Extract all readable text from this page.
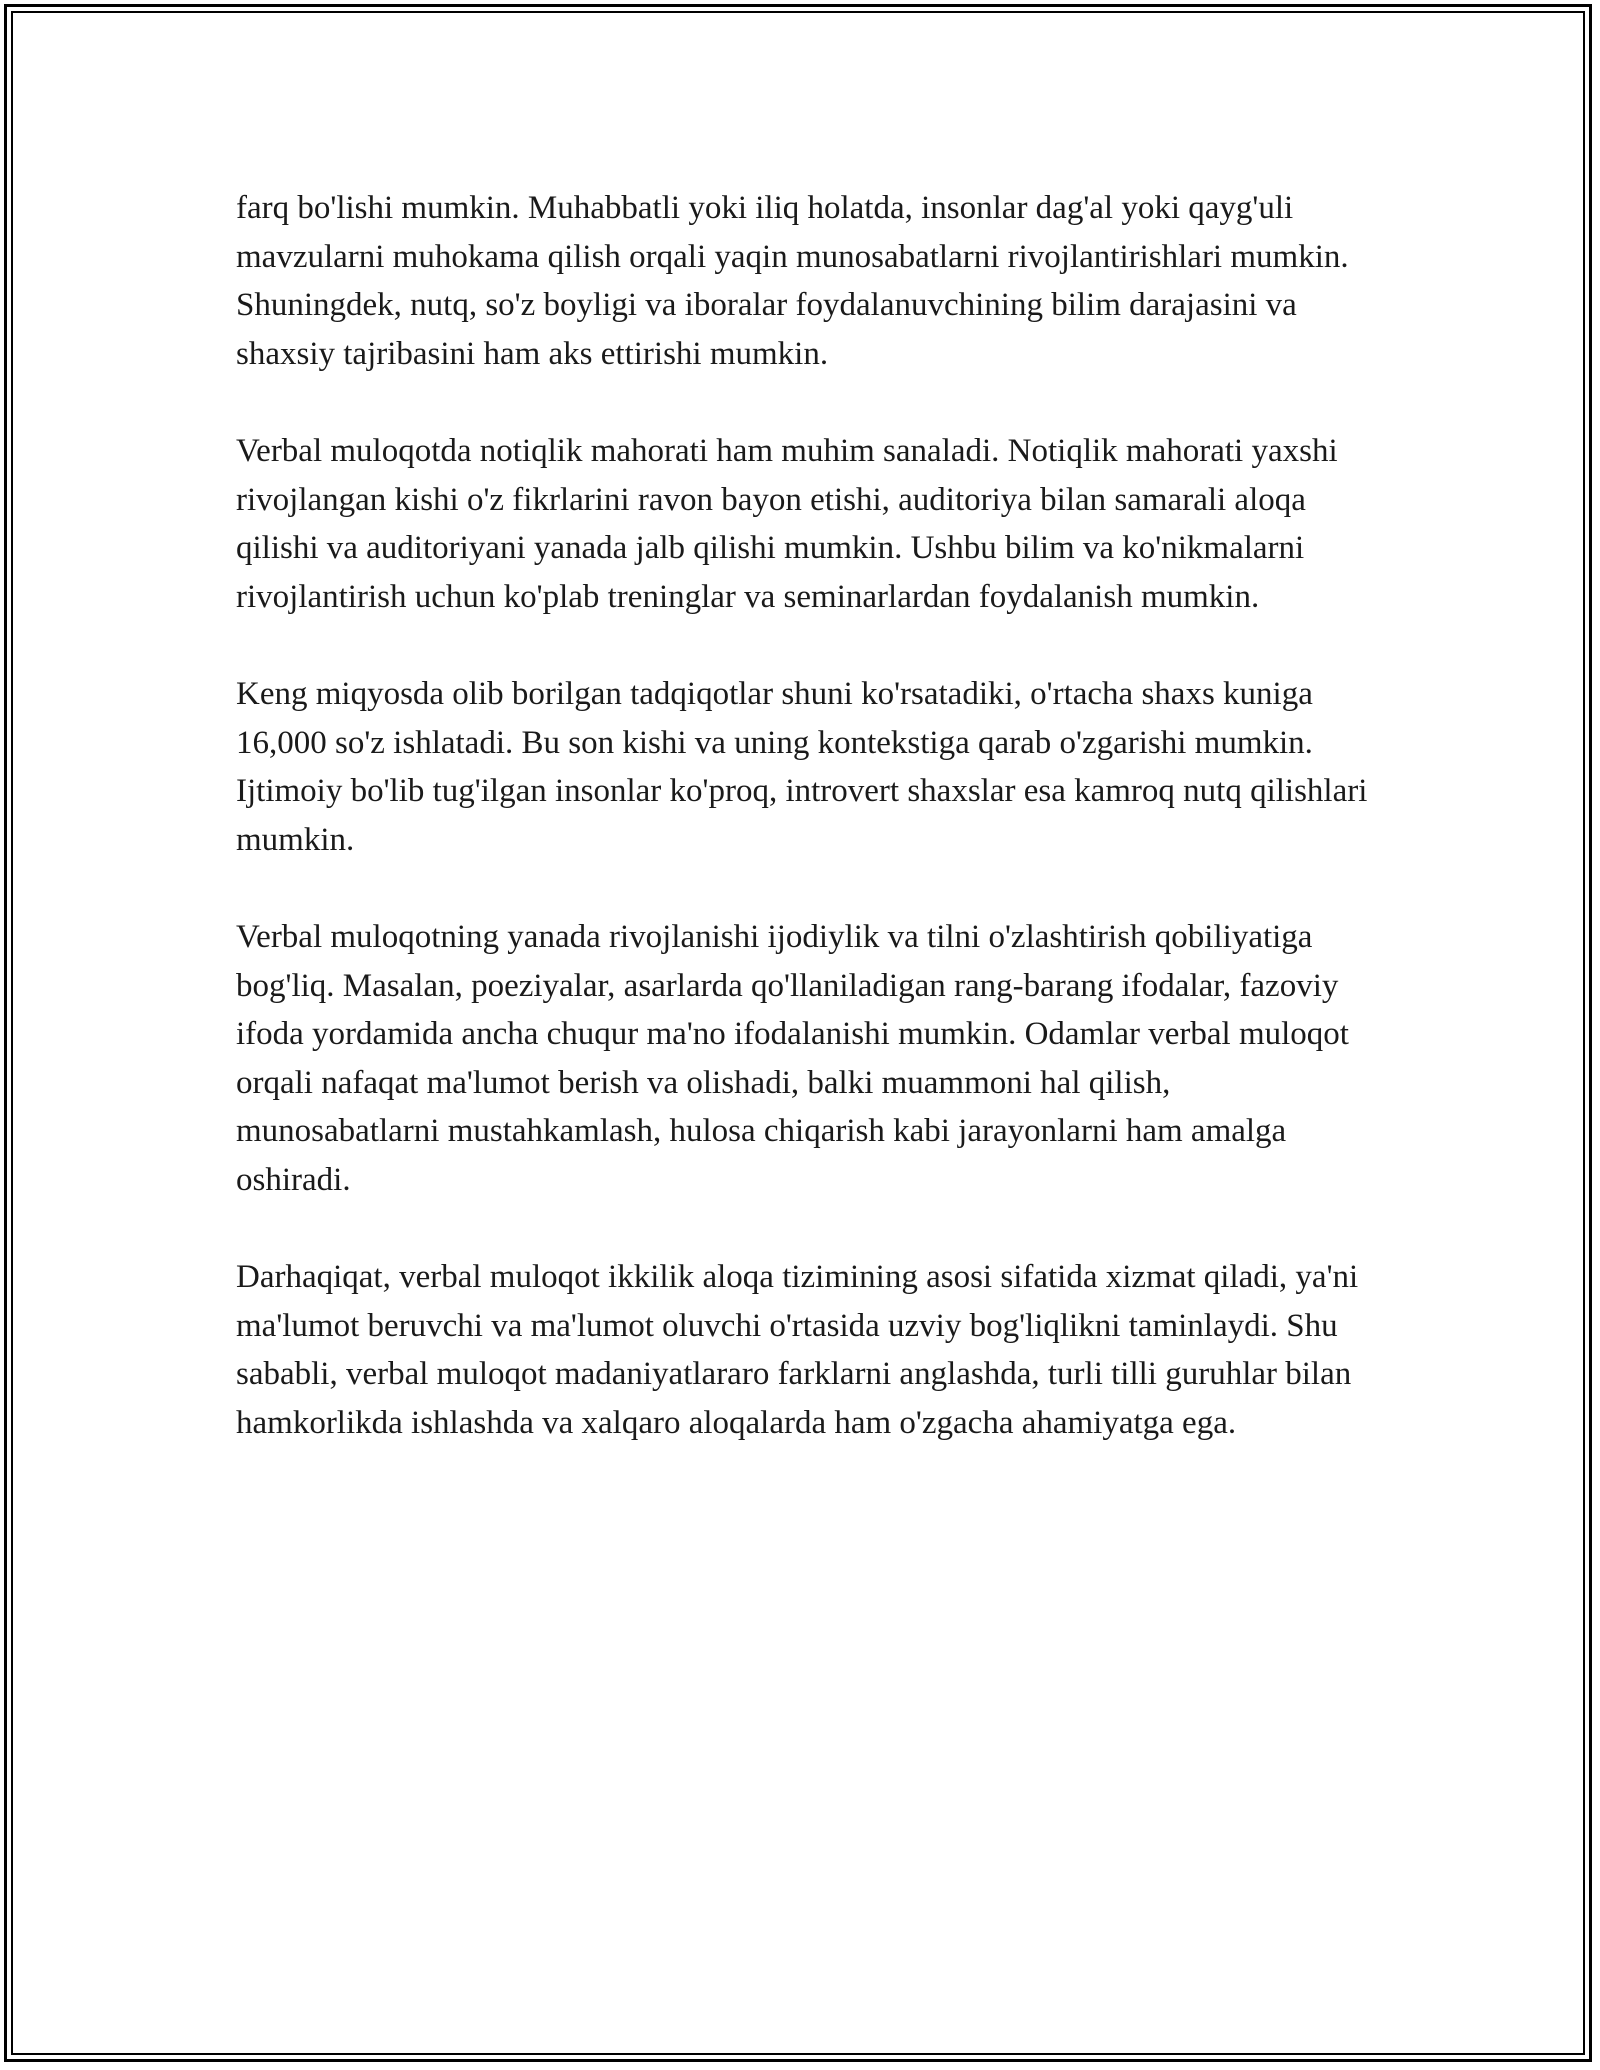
farq bo'lishi mumkin. Muhabbatli yoki iliq holatda, insonlar dag'al yoki qayg'uli mavzularni muhokama qilish orqali yaqin munosabatlarni rivojlantirishlari mumkin. Shuningdek, nutq, so'z boyligi va iboralar foydalanuvchining bilim darajasini va shaxsiy tajribasini ham aks ettirishi mumkin.

Verbal muloqotda notiqlik mahorati ham muhim sanaladi. Notiqlik mahorati yaxshi rivojlangan kishi o'z fikrlarini ravon bayon etishi, auditoriya bilan samarali aloqa qilishi va auditoriyani yanada jalb qilishi mumkin. Ushbu bilim va ko'nikmalarni rivojlantirish uchun ko'plab treninglar va seminarlardan foydalanish mumkin.

Keng miqyosda olib borilgan tadqiqotlar shuni ko'rsatadiki, o'rtacha shaxs kuniga 16,000 so'z ishlatadi. Bu son kishi va uning kontekstiga qarab o'zgarishi mumkin. Ijtimoiy bo'lib tug'ilgan insonlar ko'proq, introvert shaxslar esa kamroq nutq qilishlari mumkin.

Verbal muloqotning yanada rivojlanishi ijodiylik va tilni o'zlashtirish qobiliyatiga bog'liq. Masalan, poeziyalar, asarlarda qo'llaniladigan rang-barang ifodalar, fazoviy ifoda yordamida ancha chuqur ma'no ifodalanishi mumkin. Odamlar verbal muloqot orqali nafaqat ma'lumot berish va olishadi, balki muammoni hal qilish, munosabatlarni mustahkamlash, hulosa chiqarish kabi jarayonlarni ham amalga oshiradi.

Darhaqiqat, verbal muloqot ikkilik aloqa tizimining asosi sifatida xizmat qiladi, ya'ni ma'lumot beruvchi va ma'lumot oluvchi o'rtasida uzviy bog'liqlikni taminlaydi. Shu sababli, verbal muloqot madaniyatlararo farklarni anglashda, turli tilli guruhlar bilan hamkorlikda ishlashda va xalqaro aloqalarda ham o'zgacha ahamiyatga ega.
